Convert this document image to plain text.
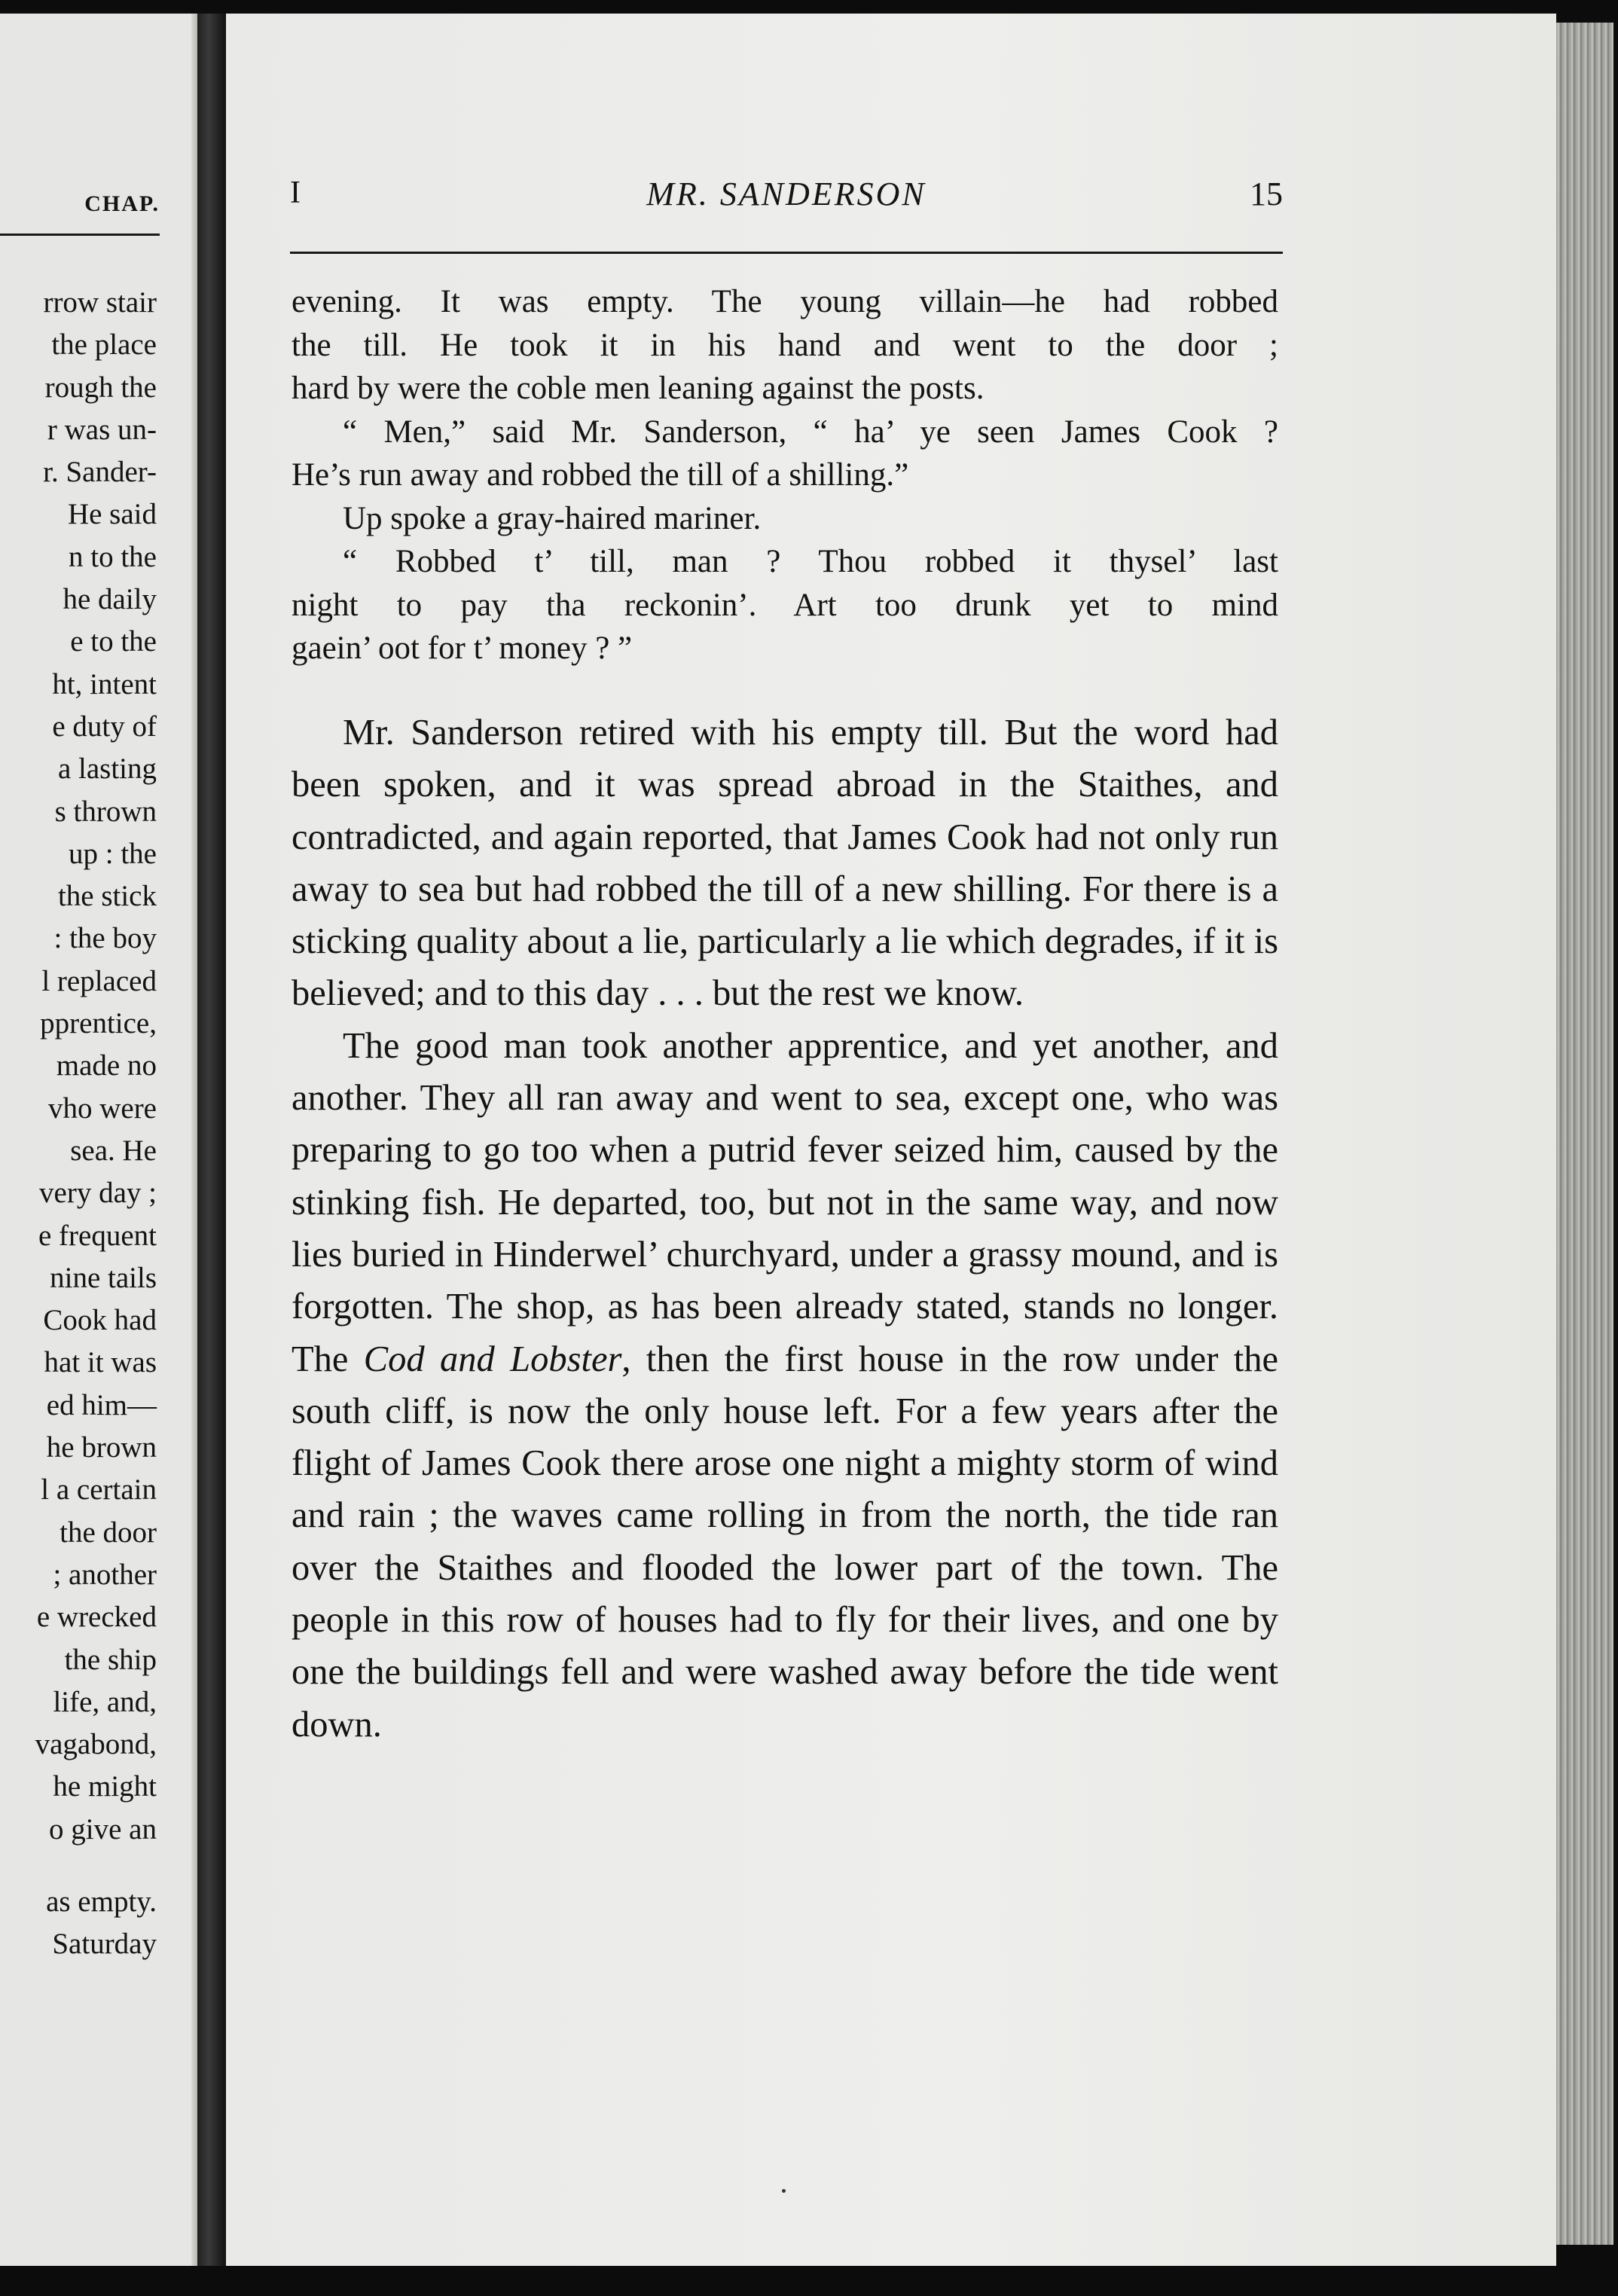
CHAP.

rrow stair
the place
rough the
r was un-
r. Sander-
He said
n to the
he daily
e to the
ht, intent
e duty of
a lasting
s thrown
up : the
the stick
: the boy
l replaced
pprentice,
made no
vho were
sea. He
very day ;
e frequent
nine tails
Cook had
hat it was
ed him—
he brown
l a certain
the door
; another
e wrecked
the ship
life, and,
vagabond,
he might
o give an
as empty.
Saturday

I	MR. SANDERSON	15

evening. It was empty. The young villain—he had robbed

the till. He took it in his hand and went to the door ;

hard by were the coble men leaning against the posts.

“ Men,” said Mr. Sanderson, “ ha’ ye seen James Cook ?

He’s run away and robbed the till of a shilling.”

Up spoke a gray-haired mariner.

“ Robbed t’ till, man ? Thou robbed it thysel’ last

night to pay tha reckonin’. Art too drunk yet to mind

gaein’ oot for t’ money ? ”

Mr. Sanderson retired with his empty till. But the word had been spoken, and it was spread abroad in the Staithes, and contradicted, and again reported, that James Cook had not only run away to sea but had robbed the till of a new shilling. For there is a sticking quality about a lie, particularly a lie which degrades, if it is believed; and to this day . . . but the rest we know.

The good man took another apprentice, and yet another, and another. They all ran away and went to sea, except one, who was preparing to go too when a putrid fever seized him, caused by the stinking fish. He departed, too, but not in the same way, and now lies buried in Hinderwel’ churchyard, under a grassy mound, and is forgotten. The shop, as has been already stated, stands no longer. The Cod and Lobster, then the first house in the row under the south cliff, is now the only house left. For a few years after the flight of James Cook there arose one night a mighty storm of wind and rain ; the waves came rolling in from the north, the tide ran over the Staithes and flooded the lower part of the town. The people in this row of houses had to fly for their lives, and one by one the buildings fell and were washed away before the tide went down.
